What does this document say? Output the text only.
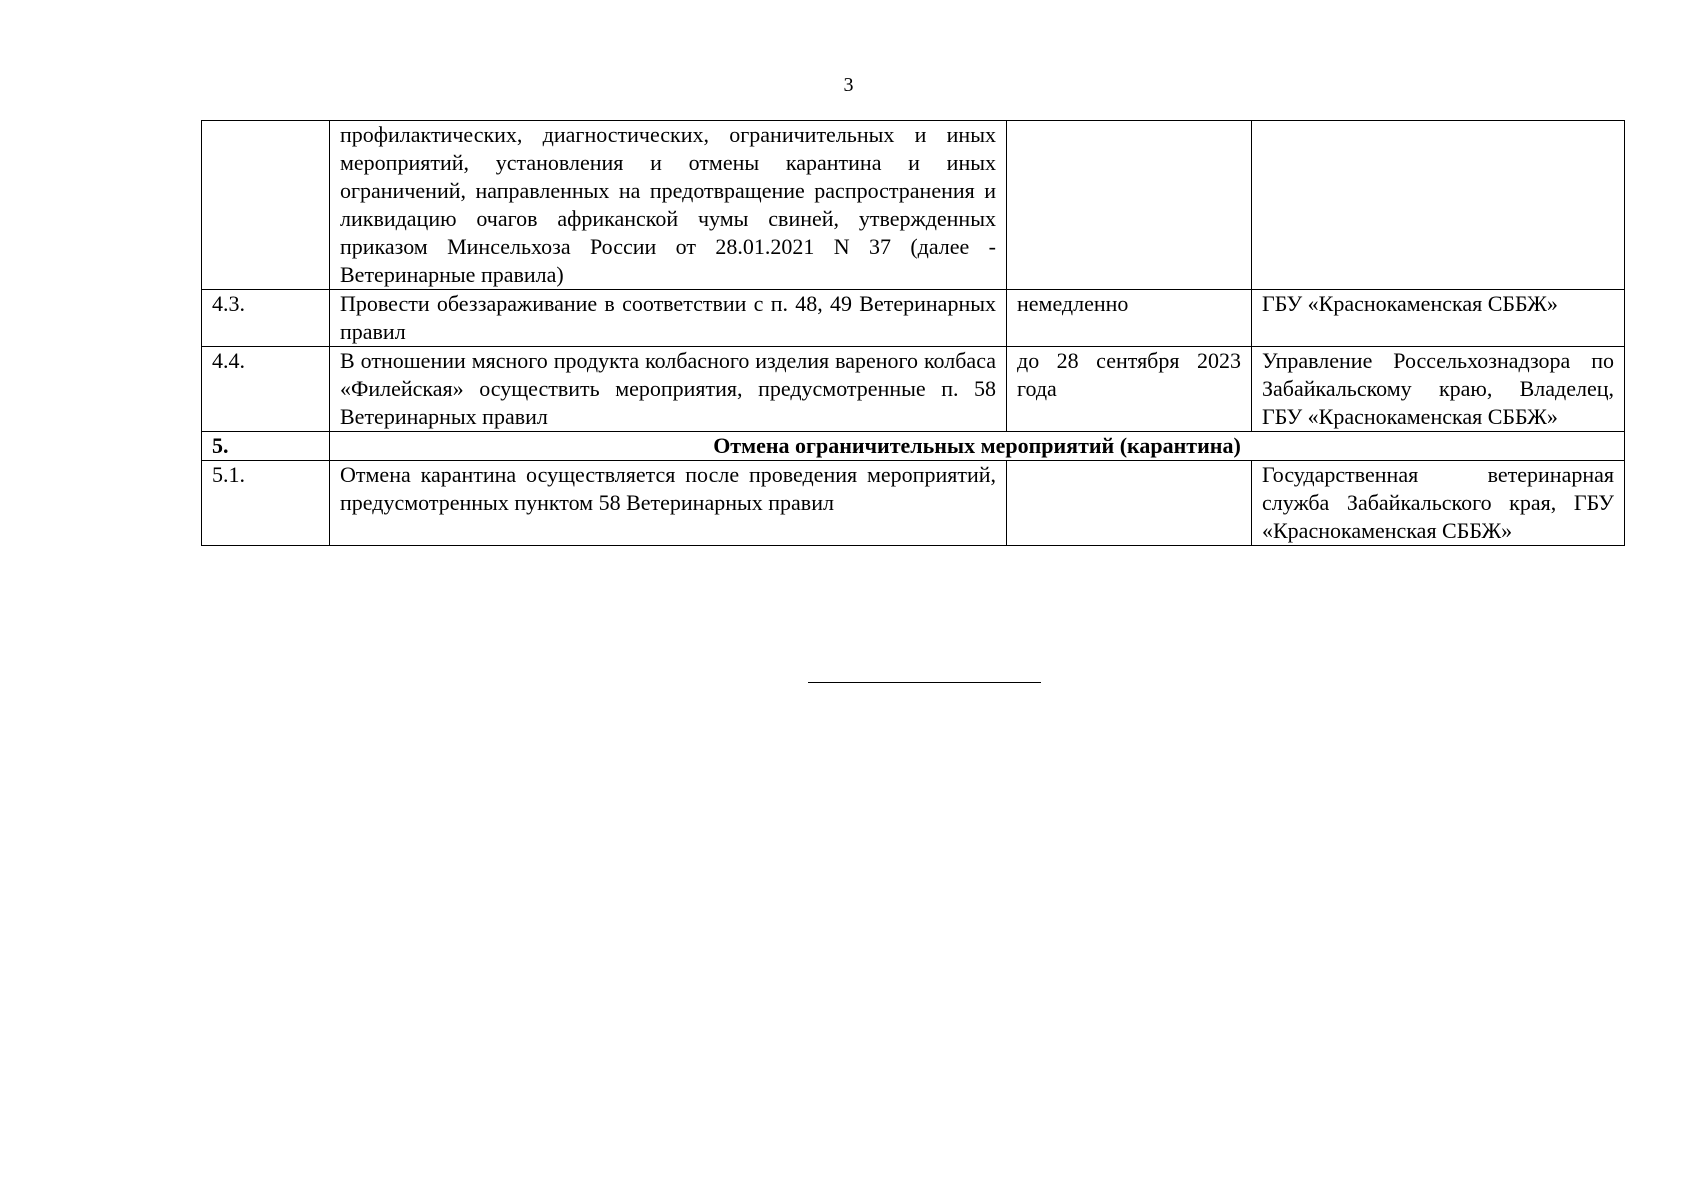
3
	профилактических, диагностических, ограничительных и иных мероприятий, установления и отмены карантина и иных ограничений, направленных на предотвращение распространения и ликвидацию очагов африканской чумы свиней, утвержденных приказом Минсельхоза России от 28.01.2021 N 37 (далее - Ветеринарные правила)		
4.3.	Провести обеззараживание в соответствии с п. 48, 49 Ветеринарных правил	немедленно	ГБУ «Краснокаменская СББЖ»
4.4.	В отношении мясного продукта колбасного изделия вареного колбаса «Филейская» осуществить мероприятия, предусмотренные п. 58 Ветеринарных правил	до 28 сентября 2023 года	Управление Россельхознадзора по Забайкальскому краю, Владелец, ГБУ «Краснокаменская СББЖ»
5.	Отмена ограничительных мероприятий (карантина)		
5.1.	Отмена карантина осуществляется после проведения мероприятий, предусмотренных пунктом 58 Ветеринарных правил		Государственная ветеринарная служба Забайкальского края, ГБУ «Краснокаменская СББЖ»
